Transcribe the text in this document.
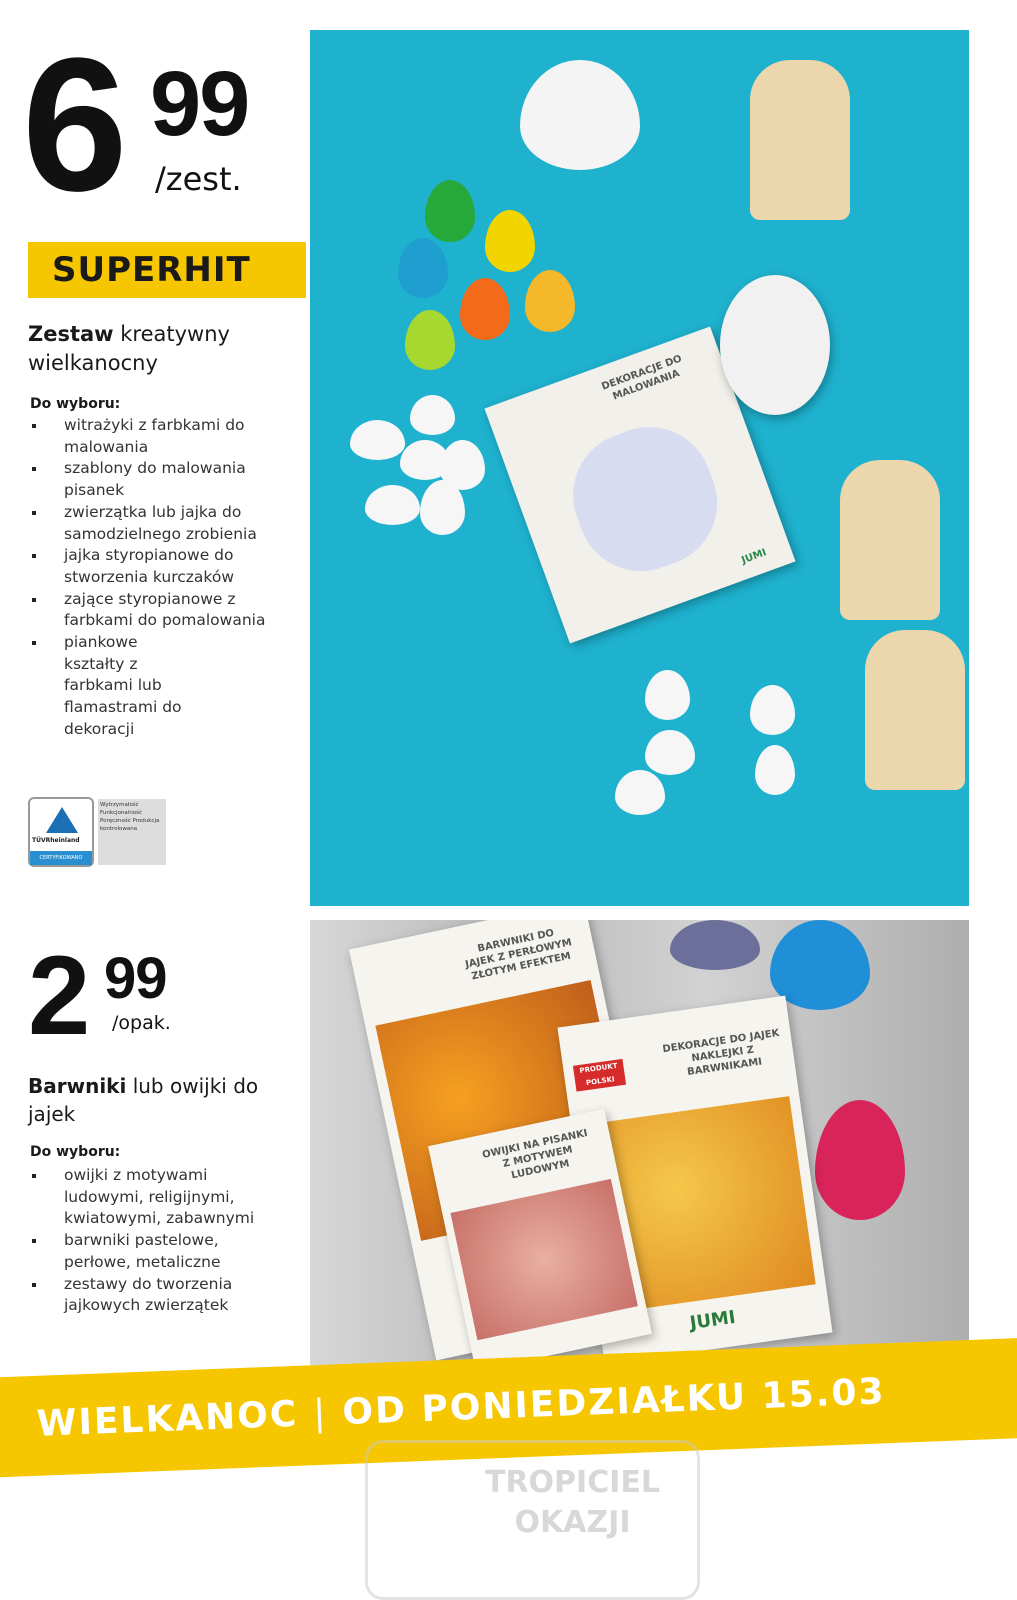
6 99
/zest.
SUPERHIT
Zestaw kreatywny wielkanocny
Do wyboru:
witrażyki z farbkami do malowania
szablony do malowania pisanek
zwierzątka lub jajka do samodzielnego zrobienia
jajka styropianowe do stworzenia kurczaków
zające styropianowe z farbkami do pomalowania
piankowe kształty z farbkami lub flamastrami do dekoracji
TÜVRheinland
CERTYFIKOWANO
Wytrzymałość Funkcjonalność Poręczność Produkcja kontrolowana
DEKORACJE DO MALOWANIA
JUMI
2 99
/opak.
Barwniki lub owijki do jajek
Do wyboru:
owijki z motywami ludowymi, religijnymi, kwiatowymi, zabawnymi
barwniki pastelowe, perłowe, metaliczne
zestawy do tworzenia jajkowych zwierzątek
BARWNIKI DO JAJEK Z PERŁOWYM ZŁOTYM EFEKTEM
PRODUKT POLSKI
DEKORACJE DO JAJEK NAKLEJKI Z BARWNIKAMI
JUMI
OWIJKI NA PISANKI Z MOTYWEM LUDOWYM
WIELKANOC | OD PONIEDZIAŁKU 15.03
TROPICIEL
OKAZJI
